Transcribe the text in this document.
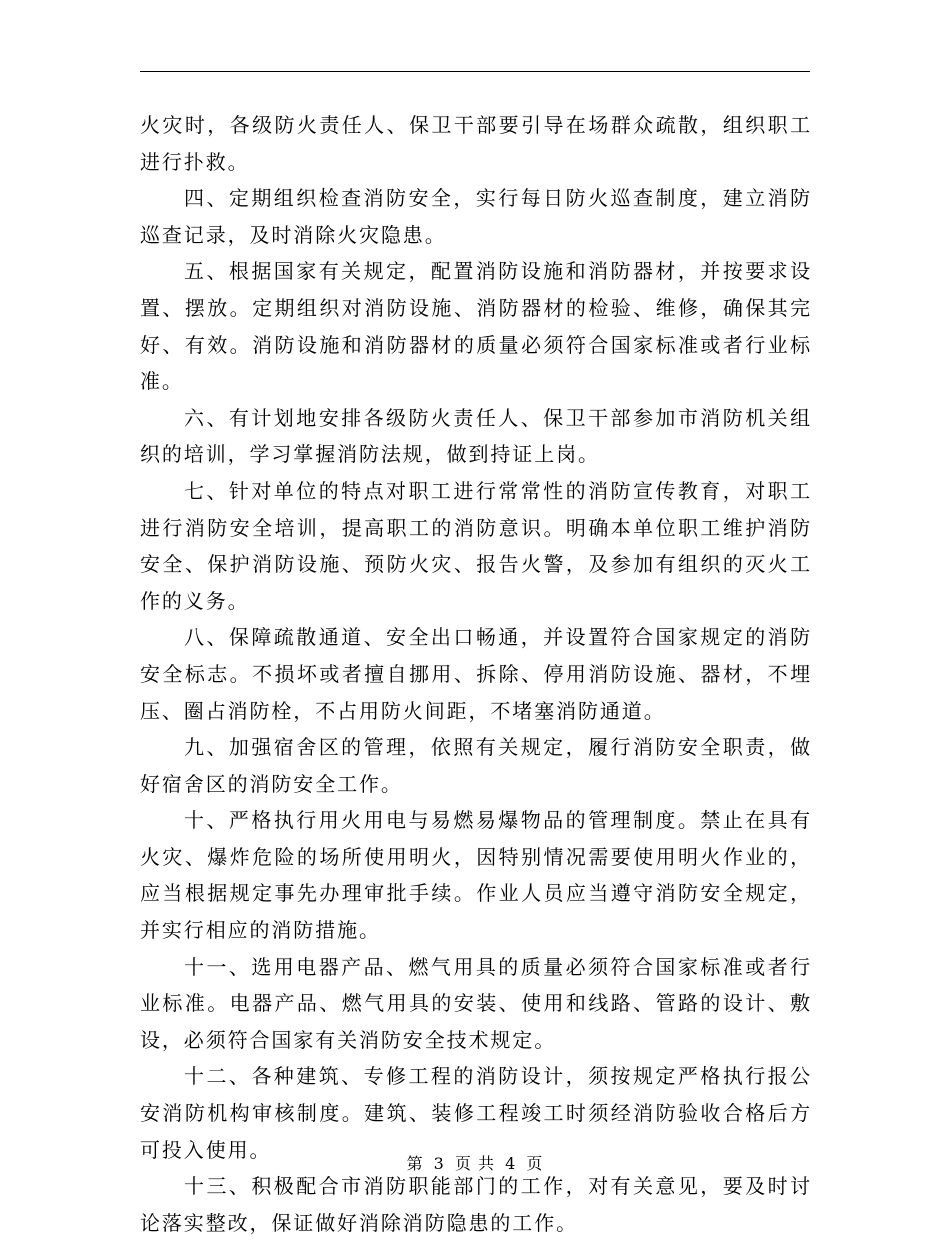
火灾时，各级防火责任人、保卫干部要引导在场群众疏散，组织职工进行扑救。

四、定期组织检查消防安全，实行每日防火巡查制度，建立消防巡查记录，及时消除火灾隐患。

五、根据国家有关规定，配置消防设施和消防器材，并按要求设置、摆放。定期组织对消防设施、消防器材的检验、维修，确保其完好、有效。消防设施和消防器材的质量必须符合国家标准或者行业标准。

六、有计划地安排各级防火责任人、保卫干部参加市消防机关组织的培训，学习掌握消防法规，做到持证上岗。

七、针对单位的特点对职工进行常常性的消防宣传教育，对职工进行消防安全培训，提高职工的消防意识。明确本单位职工维护消防安全、保护消防设施、预防火灾、报告火警，及参加有组织的灭火工作的义务。

八、保障疏散通道、安全出口畅通，并设置符合国家规定的消防安全标志。不损坏或者擅自挪用、拆除、停用消防设施、器材，不埋压、圈占消防栓，不占用防火间距，不堵塞消防通道。

九、加强宿舍区的管理，依照有关规定，履行消防安全职责，做好宿舍区的消防安全工作。

十、严格执行用火用电与易燃易爆物品的管理制度。禁止在具有火灾、爆炸危险的场所使用明火，因特别情况需要使用明火作业的，应当根据规定事先办理审批手续。作业人员应当遵守消防安全规定，并实行相应的消防措施。

十一、选用电器产品、燃气用具的质量必须符合国家标准或者行业标准。电器产品、燃气用具的安装、使用和线路、管路的设计、敷设，必须符合国家有关消防安全技术规定。

十二、各种建筑、专修工程的消防设计，须按规定严格执行报公安消防机构审核制度。建筑、装修工程竣工时须经消防验收合格后方可投入使用。

十三、积极配合市消防职能部门的工作，对有关意见，要及时讨论落实整改，保证做好消除消防隐患的工作。

第 3 页 共 4 页
